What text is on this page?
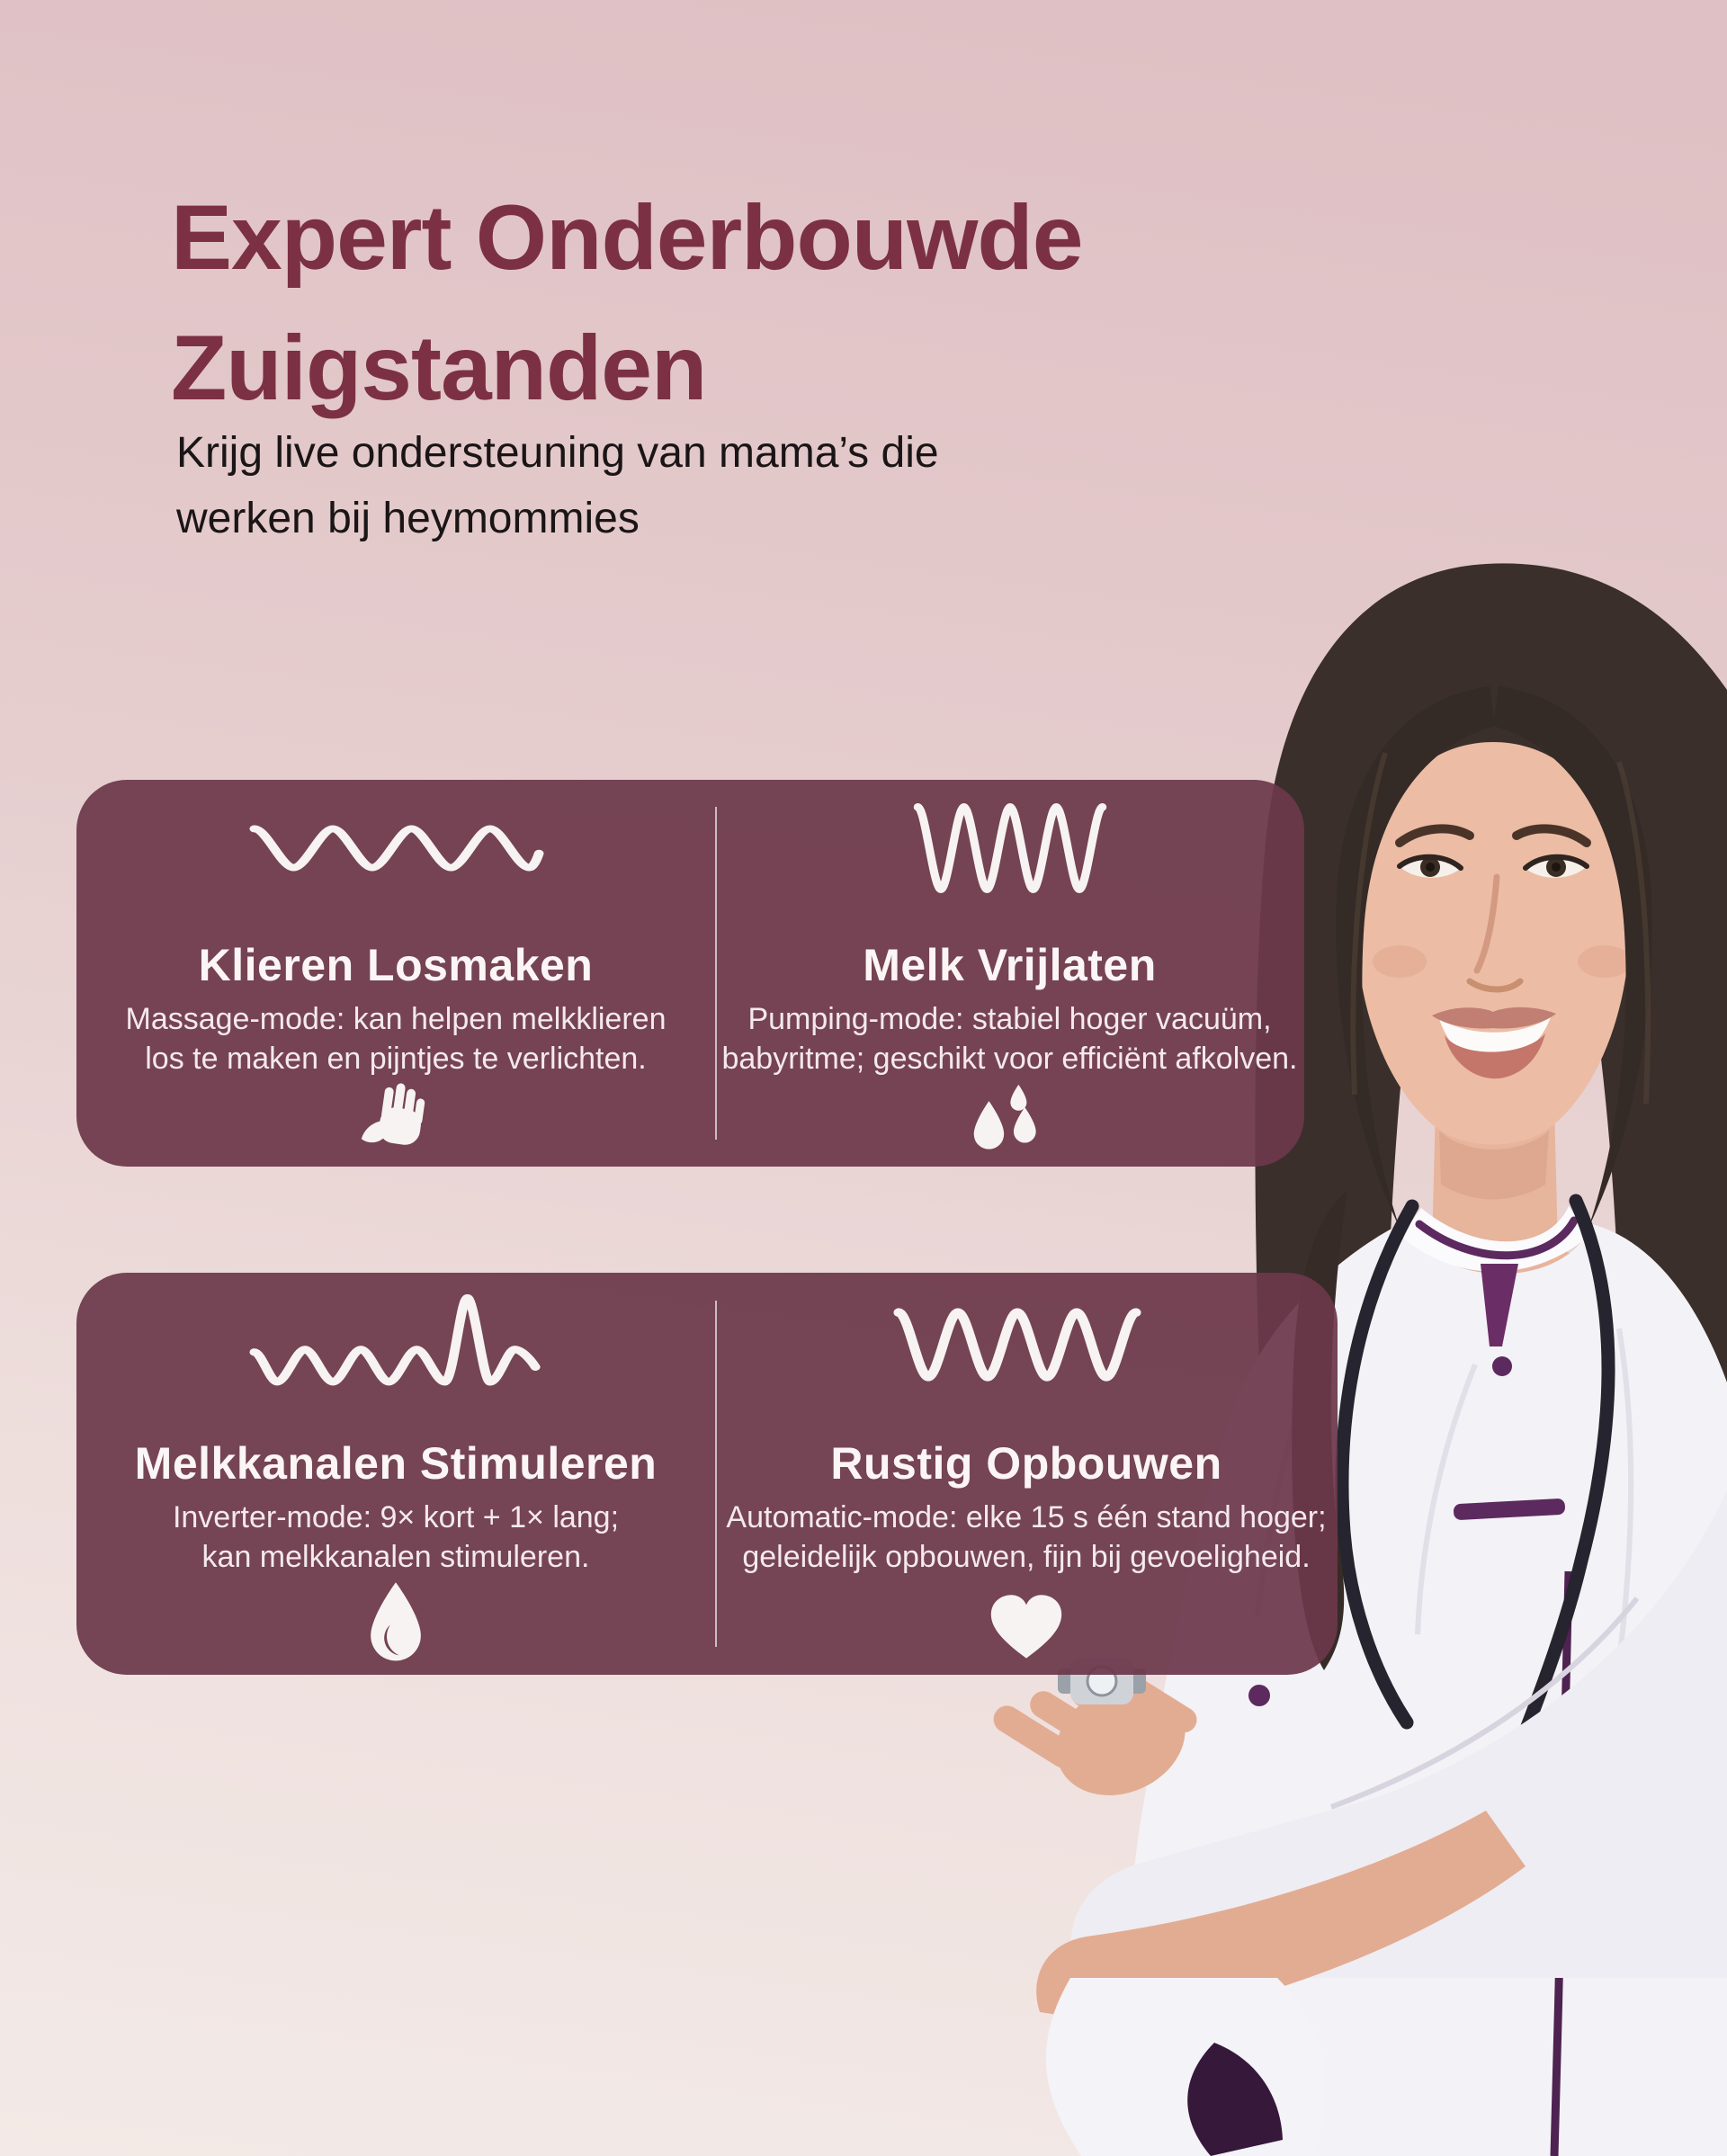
Expert Onderbouwde
Zuigstanden
Krijg live ondersteuning van mama’s die
werken bij heymommies
Klieren Losmaken
Massage-mode: kan helpen melkklieren
los te maken en pijntjes te verlichten.
Melk Vrijlaten
Pumping-mode: stabiel hoger vacuüm,
babyritme; geschikt voor efficiënt afkolven.
Melkkanalen Stimuleren
Inverter-mode: 9× kort + 1× lang;
kan melkkanalen stimuleren.
Rustig Opbouwen
Automatic-mode: elke 15 s één stand hoger;
geleidelijk opbouwen, fijn bij gevoeligheid.
